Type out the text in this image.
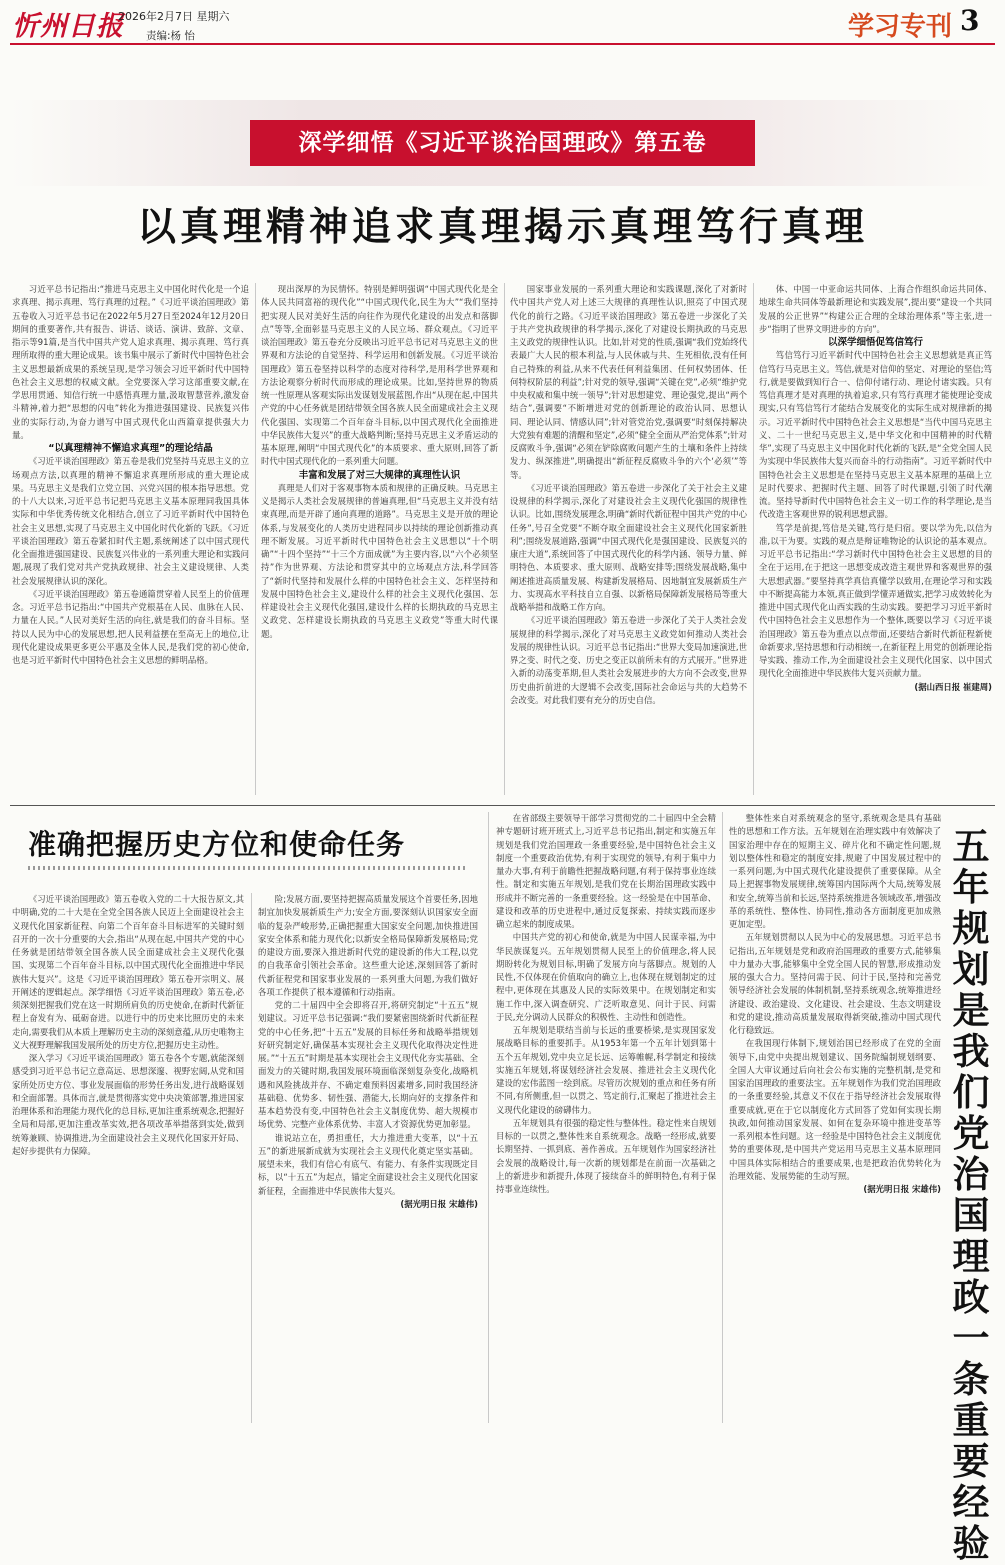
忻州日报
2026年2月7日 星期六
责编:杨 怡	学习专刊 3
深学细悟《习近平谈治国理政》第五卷
以真理精神追求真理揭示真理笃行真理

习近平总书记指出:“推进马克思主义中国化时代化是一个追求真理、揭示真理、笃行真理的过程。”《习近平谈治国理政》第五卷收入习近平总书记在2022年5月27日至2024年12月20日期间的重要著作,共有报告、讲话、谈话、演讲、致辞、文章、指示等91篇,是当代中国共产党人追求真理、揭示真理、笃行真理所取得的重大理论成果。该书集中展示了新时代中国特色社会主义思想最新成果的系统呈现,是学习领会习近平新时代中国特色社会主义思想的权威文献。全党要深入学习这部重要文献,在学思用贯通、知信行统一中感悟真理力量,汲取智慧营养,激发奋斗精神,着力把“思想的闪电”转化为推进强国建设、民族复兴伟业的实际行动,为奋力谱写中国式现代化山西篇章提供强大力量。

“以真理精神不懈追求真理”的理论结晶

《习近平谈治国理政》第五卷是我们党坚持马克思主义的立场观点方法,以真理的精神不懈追求真理所形成的重大理论成果。马克思主义是我们立党立国、兴党兴国的根本指导思想。党的十八大以来,习近平总书记把马克思主义基本原理同我国具体实际和中华优秀传统文化相结合,创立了习近平新时代中国特色社会主义思想,实现了马克思主义中国化时代化新的飞跃。《习近平谈治国理政》第五卷紧扣时代主题,系统阐述了以中国式现代化全面推进强国建设、民族复兴伟业的一系列重大理论和实践问题,展现了我们党对共产党执政规律、社会主义建设规律、人类社会发展规律认识的深化。

《习近平谈治国理政》第五卷通篇贯穿着人民至上的价值理念。习近平总书记指出:“中国共产党根基在人民、血脉在人民、力量在人民。”人民对美好生活的向往,就是我们的奋斗目标。坚持以人民为中心的发展思想,把人民利益摆在至高无上的地位,让现代化建设成果更多更公平惠及全体人民,是我们党的初心使命,也是习近平新时代中国特色社会主义思想的鲜明品格。

现出深厚的为民情怀。特别是鲜明强调“中国式现代化是全体人民共同富裕的现代化”“中国式现代化,民生为大”“我们坚持把实现人民对美好生活的向往作为现代化建设的出发点和落脚点”等等,全面彰显马克思主义的人民立场、群众观点。《习近平谈治国理政》第五卷充分反映出习近平总书记对马克思主义的世界观和方法论的自觉坚持、科学运用和创新发展。《习近平谈治国理政》第五卷坚持以科学的态度对待科学,是用科学世界观和方法论观察分析时代而形成的理论成果。比如,坚持世界的物质统一性原理从客观实际出发谋划发展蓝图,作出“从现在起,中国共产党的中心任务就是团结带领全国各族人民全面建成社会主义现代化强国、实现第二个百年奋斗目标,以中国式现代化全面推进中华民族伟大复兴”的重大战略判断;坚持马克思主义矛盾运动的基本原理,阐明“中国式现代化”的本质要求、重大原则,回答了新时代中国式现代化的一系列重大问题。

丰富和发展了对三大规律的真理性认识

真理是人们对于客观事物本质和规律的正确反映。马克思主义是揭示人类社会发展规律的普遍真理,但“马克思主义并没有结束真理,而是开辟了通向真理的道路”。马克思主义是开放的理论体系,与发展变化的人类历史进程同步以持续的理论创新推动真理不断发展。习近平新时代中国特色社会主义思想以“十个明确”“十四个坚持”“十三个方面成就”为主要内容,以“六个必须坚持”作为世界观、方法论和贯穿其中的立场观点方法,科学回答了“新时代坚持和发展什么样的中国特色社会主义、怎样坚持和发展中国特色社会主义,建设什么样的社会主义现代化强国、怎样建设社会主义现代化强国,建设什么样的长期执政的马克思主义政党、怎样建设长期执政的马克思主义政党”等重大时代课题。

国家事业发展的一系列重大理论和实践课题,深化了对新时代中国共产党人对上述三大规律的真理性认识,照亮了中国式现代化的前行之路。《习近平谈治国理政》第五卷进一步深化了关于共产党执政规律的科学揭示,深化了对建设长期执政的马克思主义政党的规律性认识。比如,针对党的性质,强调“我们党始终代表最广大人民的根本利益,与人民休戚与共、生死相依,没有任何自己特殊的利益,从来不代表任何利益集团、任何权势团体、任何特权阶层的利益”;针对党的领导,强调“关键在党”,必须“维护党中央权威和集中统一领导”;针对思想建党、理论强党,提出“两个结合”,强调要“不断增进对党的创新理论的政治认同、思想认同、理论认同、情感认同”;针对管党治党,强调要“时刻保持解决大党独有难题的清醒和坚定”,必须“健全全面从严治党体系”;针对反腐败斗争,强调“必须在铲除腐败问题产生的土壤和条件上持续发力、纵深推进”,明确提出“新征程反腐败斗争的六个‘必须’”等等。

《习近平谈治国理政》第五卷进一步深化了关于社会主义建设规律的科学揭示,深化了对建设社会主义现代化强国的规律性认识。比如,围绕发展理念,明确“新时代新征程中国共产党的中心任务”,号召全党要“不断夺取全面建设社会主义现代化国家新胜利”;围绕发展道路,强调“中国式现代化是强国建设、民族复兴的康庄大道”,系统回答了中国式现代化的科学内涵、领导力量、鲜明特色、本质要求、重大原则、战略安排等;围绕发展战略,集中阐述推进高质量发展、构建新发展格局、因地制宜发展新质生产力、实现高水平科技自立自强、以新格局保障新发展格局等重大战略举措和战略工作方向。

《习近平谈治国理政》第五卷进一步深化了关于人类社会发展规律的科学揭示,深化了对马克思主义政党如何推动人类社会发展的规律性认识。习近平总书记指出:“世界大变局加速演进,世界之变、时代之变、历史之变正以前所未有的方式展开。”世界进入新的动荡变革期,但人类社会发展进步的大方向不会改变,世界历史曲折前进的大逻辑不会改变,国际社会命运与共的大趋势不会改变。对此我们要有充分的历史自信。

体、中国一中亚命运共同体、上海合作组织命运共同体、地球生命共同体等最新理论和实践发展”,提出要“建设一个共同发展的公正世界”“构建公正合理的全球治理体系”等主张,进一步“指明了世界文明进步的方向”。

以深学细悟促笃信笃行

笃信笃行习近平新时代中国特色社会主义思想就是真正笃信笃行马克思主义。笃信,就是对信仰的坚定、对理论的坚信;笃行,就是要做到知行合一、信仰付诸行动、理论付诸实践。只有笃信真理才是对真理的执着追求,只有笃行真理才能使理论变成现实,只有笃信笃行才能结合发展变化的实际生成对规律新的揭示。习近平新时代中国特色社会主义思想是“当代中国马克思主义、二十一世纪马克思主义,是中华文化和中国精神的时代精华”,实现了马克思主义中国化时代化新的飞跃,是“全党全国人民为实现中华民族伟大复兴而奋斗的行动指南”。习近平新时代中国特色社会主义思想是在坚持马克思主义基本原理的基础上立足时代要求、把握时代主题、回答了时代课题,引领了时代潮流。坚持导新时代中国特色社会主义一切工作的科学理论,是当代改造主客观世界的锐利思想武器。

笃学是前提,笃信是关键,笃行是归宿。要以学为先,以信为准,以干为要。实践的观点是辩证唯物论的认识论的基本观点。习近平总书记指出:“学习新时代中国特色社会主义思想的目的全在于运用,在于把这一思想变成改造主观世界和客观世界的强大思想武器。”要坚持真学真信真懂学以致用,在理论学习和实践中不断提高能力本领,真正做到学懂弄通做实,把学习成效转化为推进中国式现代化山西实践的生动实践。要把学习习近平新时代中国特色社会主义思想作为一个整体,既要以学习《习近平谈治国理政》第五卷为重点以点带面,还要结合新时代新征程新使命新要求,坚持思想和行动相统一,在新征程上用党的创新理论指导实践、推动工作,为全面建设社会主义现代化国家、以中国式现代化全面推进中华民族伟大复兴贡献力量。

(据山西日报 崔建周)

准确把握历史方位和使命任务

《习近平谈治国理政》第五卷收入党的二十大报告原文,其中明确,党的二十大是在全党全国各族人民迈上全面建设社会主义现代化国家新征程、向第二个百年奋斗目标进军的关键时刻召开的一次十分重要的大会,指出“从现在起,中国共产党的中心任务就是团结带领全国各族人民全面建成社会主义现代化强国、实现第二个百年奋斗目标,以中国式现代化全面推进中华民族伟大复兴”。这是《习近平谈治国理政》第五卷开宗明义、展开阐述的逻辑起点。深学细悟《习近平谈治国理政》第五卷,必须深刻把握我们党在这一时期所肩负的历史使命,在新时代新征程上奋发有为、砥砺奋进。以进行中的历史来比照历史的未来走向,需要我们从本质上理解历史主动的深刻意蕴,从历史唯物主义大视野理解我国发展所处的历史方位,把握历史主动性。

深入学习《习近平谈治国理政》第五卷各个专题,就能深刻感受到习近平总书记立意高远、思想深邃、视野宏阔,从党和国家所处历史方位、事业发展面临的形势任务出发,进行战略谋划和全面部署。具体而言,就是贯彻落实党中央决策部署,推进国家治理体系和治理能力现代化的总目标,更加注重系统观念,把握好全局和局部,更加注重改革实效,把各项改革举措落到实处,做到统筹兼顾、协调推进,为全面建设社会主义现代化国家开好局、起好步提供有力保障。

险;发展方面,要坚持把握高质量发展这个首要任务,因地制宜加快发展新质生产力;安全方面,要深刻认识国家安全面临的复杂严峻形势,正确把握重大国家安全问题,加快推进国家安全体系和能力现代化;以新安全格局保障新发展格局;党的建设方面,要深入推进新时代党的建设新的伟大工程,以党的自我革命引领社会革命。这些重大论述,深刻回答了新时代新征程党和国家事业发展的一系列重大问题,为我们做好各项工作提供了根本遵循和行动指南。

党的二十届四中全会即将召开,将研究制定“十五五”规划建议。习近平总书记强调:“我们要紧密围绕新时代新征程党的中心任务,把“十五五”发展的目标任务和战略举措规划好研究制定好,确保基本实现社会主义现代化取得决定性进展。”“十五五”时期是基本实现社会主义现代化夯实基础、全面发力的关键时期,我国发展环境面临深刻复杂变化,战略机遇和风险挑战并存、不确定难预料因素增多,同时我国经济基础稳、优势多、韧性强、潜能大,长期向好的支撑条件和基本趋势没有变,中国特色社会主义制度优势、超大规模市场优势、完整产业体系优势、丰富人才资源优势更加彰显。

谁说站立在，勇担重任，大力推进重大变革，以“十五五”的新进展新成就为实现社会主义现代化奠定坚实基础。展望未来，我们有信心有底气、有能力、有条件实现既定目标，以“十五五”为起点，锚定全面建设社会主义现代化国家新征程，全面推进中华民族伟大复兴。

(据光明日报 宋雄伟)

在省部级主要领导干部学习贯彻党的二十届四中全会精神专题研讨班开班式上,习近平总书记指出,制定和实施五年规划是我们党治国理政一条重要经验,是中国特色社会主义制度一个重要政治优势,有利于实现党的领导,有利于集中力量办大事,有利于前瞻性把握战略问题,有利于保持事业连续性。制定和实施五年规划,是我们党在长期治国理政实践中形成并不断完善的一条重要经验。这一经验是在中国革命、建设和改革的历史进程中,通过反复探索、持续实践而逐步确立起来的制度成果。

中国共产党的初心和使命,就是为中国人民谋幸福,为中华民族谋复兴。五年规划贯彻人民至上的价值理念,将人民期盼转化为规划目标,明确了发展方向与落脚点。规划的人民性,不仅体现在价值取向的确立上,也体现在规划制定的过程中,更体现在其惠及人民的实际效果中。在规划制定和实施工作中,深入调查研究、广泛听取意见、问计于民、问需于民,充分调动人民群众的积极性、主动性和创造性。

五年规划是联结当前与长远的重要桥梁,是实现国家发展战略目标的重要抓手。从1953年第一个五年计划到第十五个五年规划,党中央立足长远、运筹帷幄,科学制定和接续实施五年规划,将谋划经济社会发展、推进社会主义现代化建设的宏伟蓝图一绘到底。尽管历次规划的重点和任务有所不同,有所侧重,但一以贯之、笃定前行,汇聚起了推进社会主义现代化建设的磅礴伟力。

五年规划具有很强的稳定性与整体性。稳定性来自规划目标的一以贯之,整体性来自系统观念。战略一经形成,就要长期坚持、一抓到底、善作善成。五年规划作为国家经济社会发展的战略设计,每一次新的规划都是在前面一次基础之上的新进步和新提升,体现了接续奋斗的鲜明特色,有利于保持事业连续性。

整体性来自对系统观念的坚守,系统观念是具有基础性的思想和工作方法。五年规划在治理实践中有效解决了国家治理中存在的短期主义、碎片化和不确定性问题,规划以整体性和稳定的制度安排,规避了中国发展过程中的一系列问题,为中国式现代化建设提供了重要保障。从全局上把握事物发展规律,统筹国内国际两个大局,统筹发展和安全,统筹当前和长远,坚持系统推进各领域改革,增强改革的系统性、整体性、协同性,推动各方面制度更加成熟更加定型。

五年规划贯彻以人民为中心的发展思想。习近平总书记指出,五年规划是党和政府治国理政的重要方式,能够集中力量办大事,能够集中全党全国人民的智慧,形成推动发展的强大合力。坚持问需于民、问计于民,坚持和完善党领导经济社会发展的体制机制,坚持系统观念,统筹推进经济建设、政治建设、文化建设、社会建设、生态文明建设和党的建设,推动高质量发展取得新突破,推动中国式现代化行稳致远。

在我国现行体制下,规划治国已经形成了在党的全面领导下,由党中央提出规划建议、国务院编制规划纲要、全国人大审议通过后向社会公布实施的完整机制,是党和国家治国理政的重要法宝。五年规划作为我们党治国理政的一条重要经验,其意义不仅在于指导经济社会发展取得重要成就,更在于它以制度化方式回答了党如何实现长期执政,如何推动国家发展、如何在复杂环境中推进变革等一系列根本性问题。这一经验是中国特色社会主义制度优势的重要体现,是中国共产党运用马克思主义基本原理同中国具体实际相结合的重要成果,也是把政治优势转化为治理效能、发展势能的生动写照。

(据光明日报 宋雄伟)

五年规划是我们党治国理政一条重要经验
